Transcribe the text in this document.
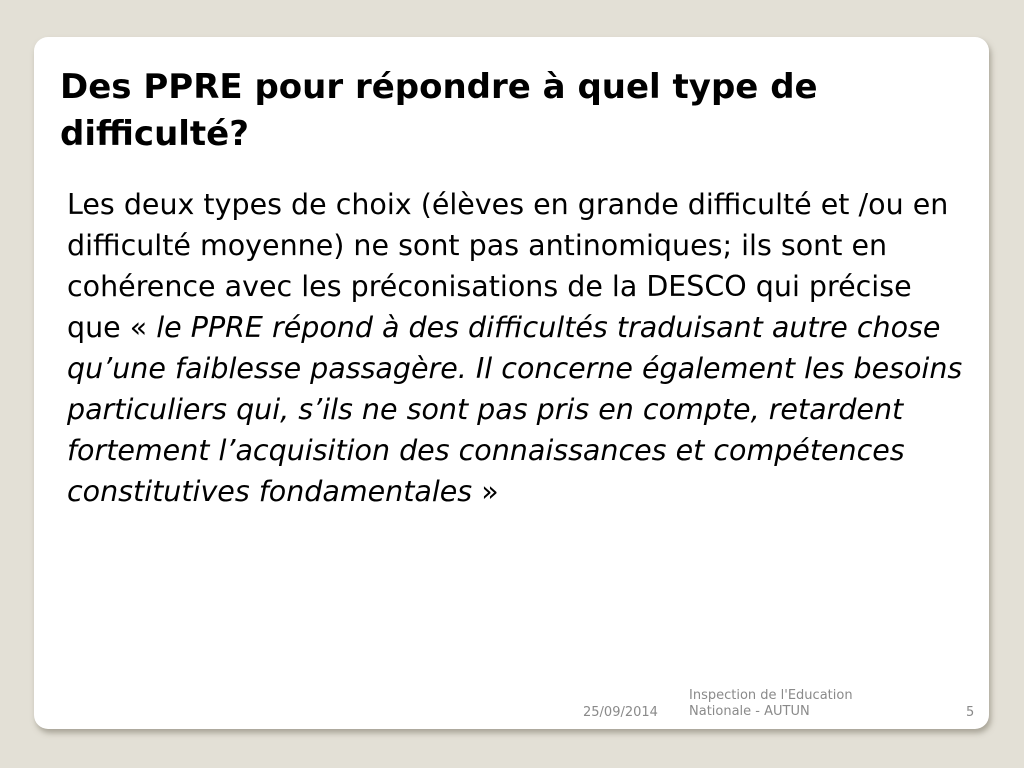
Des PPRE pour répondre à quel type de difficulté?

Les deux types de choix (élèves en grande difficulté et /ou en difficulté moyenne) ne sont pas antinomiques; ils sont en cohérence avec les préconisations de la DESCO qui précise que « le PPRE répond à des difficultés traduisant autre chose qu’une faiblesse passagère. Il concerne également les besoins particuliers qui, s’ils ne sont pas pris en compte, retardent fortement l’acquisition des connaissances et compétences constitutives fondamentales »

25/09/2014
Inspection de l'Education
Nationale - AUTUN	5
